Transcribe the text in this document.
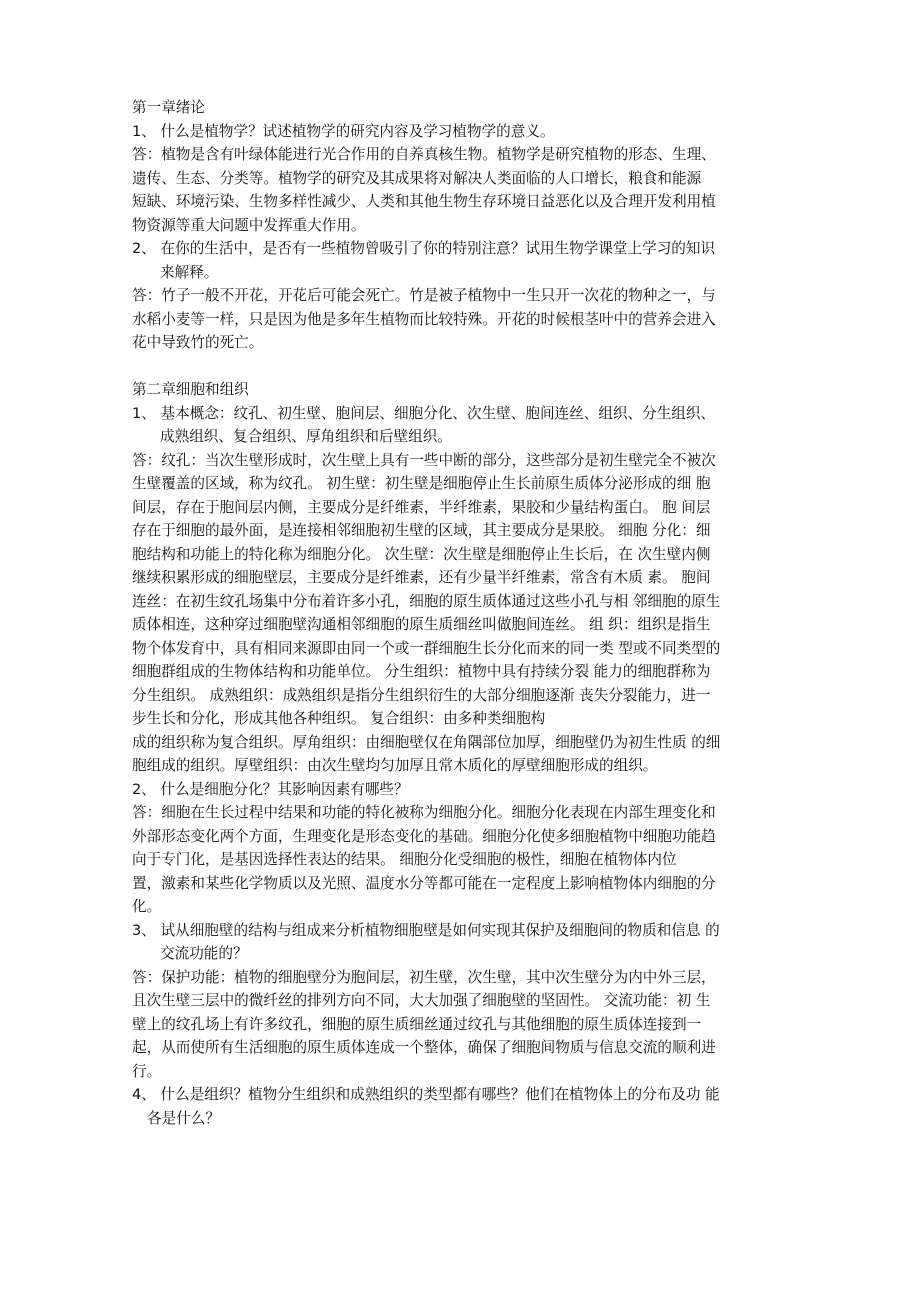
第一章绪论
1、 什么是植物学？试述植物学的研究内容及学习植物学的意义。
答：植物是含有叶绿体能进行光合作用的自养真核生物。植物学是研究植物的形态、生理、
遗传、生态、分类等。植物学的研究及其成果将对解决人类面临的人口增长，粮食和能源
短缺、环境污染、生物多样性减少、人类和其他生物生存环境日益恶化以及合理开发利用植
物资源等重大问题中发挥重大作用。
2、 在你的生活中，是否有一些植物曾吸引了你的特别注意？试用生物学课堂上学习的知识
来解释。
答：竹子一般不开花，开花后可能会死亡。竹是被子植物中一生只开一次花的物种之一，与
水稻小麦等一样，只是因为他是多年生植物而比较特殊。开花的时候根茎叶中的营养会进入
花中导致竹的死亡。
第二章细胞和组织
1、 基本概念：纹孔、初生壁、胞间层、细胞分化、次生壁、胞间连丝、组织、分生组织、
成熟组织、复合组织、厚角组织和后壁组织。
答：纹孔：当次生壁形成时，次生壁上具有一些中断的部分，这些部分是初生壁完全不被次
生壁覆盖的区域，称为纹孔。 初生壁：初生壁是细胞停止生长前原生质体分泌形成的细 胞
间层，存在于胞间层内侧，主要成分是纤维素，半纤维素，果胶和少量结构蛋白。 胞 间层
存在于细胞的最外面，是连接相邻细胞初生壁的区域，其主要成分是果胶。 细胞 分化：细
胞结构和功能上的特化称为细胞分化。 次生壁：次生壁是细胞停止生长后，在 次生壁内侧
继续积累形成的细胞壁层，主要成分是纤维素，还有少量半纤维素，常含有木质 素。 胞间
连丝：在初生纹孔场集中分布着许多小孔，细胞的原生质体通过这些小孔与相 邻细胞的原生
质体相连，这种穿过细胞壁沟通相邻细胞的原生质细丝叫做胞间连丝。 组 织：组织是指生
物个体发育中，具有相同来源即由同一个或一群细胞生长分化而来的同一类 型或不同类型的
细胞群组成的生物体结构和功能单位。 分生组织：植物中具有持续分裂 能力的细胞群称为
分生组织。 成熟组织：成熟组织是指分生组织衍生的大部分细胞逐渐 丧失分裂能力，进一
步生长和分化，形成其他各种组织。 复合组织：由多种类细胞构
成的组织称为复合组织。厚角组织：由细胞壁仅在角隅部位加厚，细胞壁仍为初生性质 的细
胞组成的组织。厚壁组织：由次生壁均匀加厚且常木质化的厚壁细胞形成的组织。
2、 什么是细胞分化？其影响因素有哪些？
答：细胞在生长过程中结果和功能的特化被称为细胞分化。细胞分化表现在内部生理变化和
外部形态变化两个方面，生理变化是形态变化的基础。细胞分化使多细胞植物中细胞功能趋
向于专门化，是基因选择性表达的结果。 细胞分化受细胞的极性，细胞在植物体内位
置，激素和某些化学物质以及光照、温度水分等都可能在一定程度上影响植物体内细胞的分
化。
3、 试从细胞壁的结构与组成来分析植物细胞壁是如何实现其保护及细胞间的物质和信息 的
交流功能的？
答：保护功能：植物的细胞壁分为胞间层，初生壁，次生壁，其中次生壁分为内中外三层，
且次生壁三层中的微纤丝的排列方向不同，大大加强了细胞壁的坚固性。 交流功能：初 生
壁上的纹孔场上有许多纹孔，细胞的原生质细丝通过纹孔与其他细胞的原生质体连接到一
起，从而使所有生活细胞的原生质体连成一个整体，确保了细胞间物质与信息交流的顺利进
行。
4、 什么是组织？植物分生组织和成熟组织的类型都有哪些？他们在植物体上的分布及功 能
各是什么？
